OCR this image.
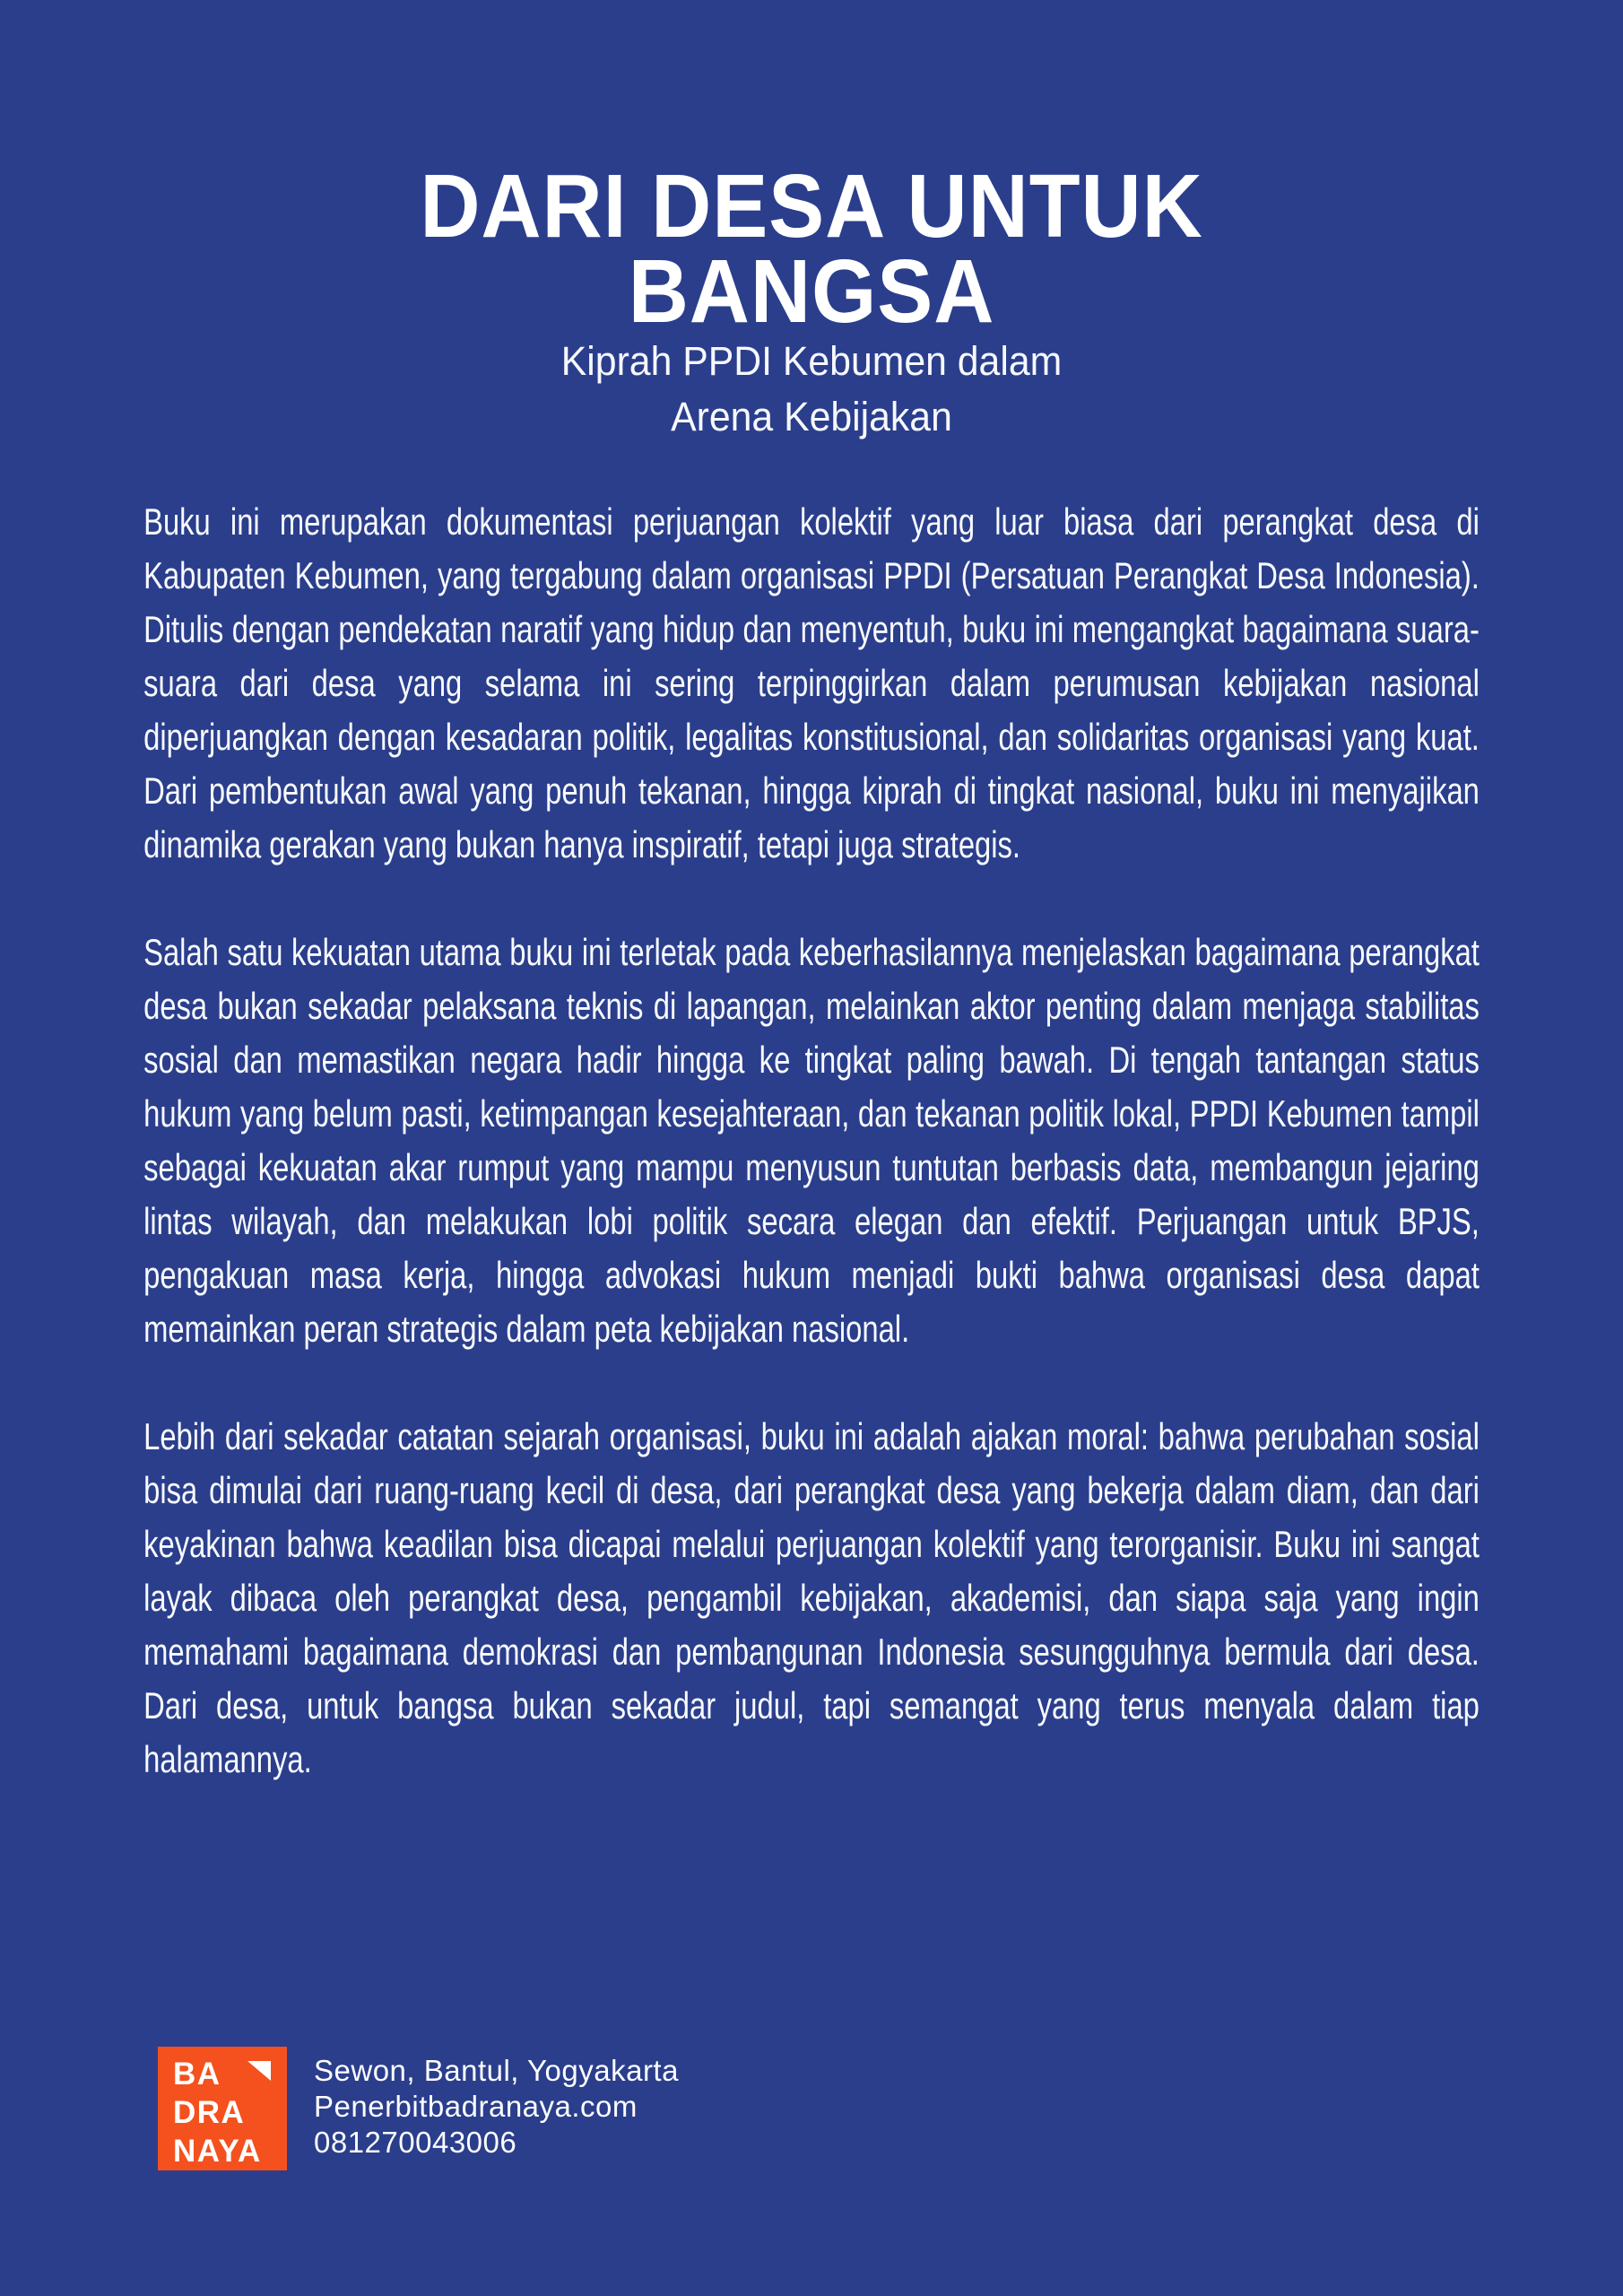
DARI DESA UNTUK
BANGSA
Kiprah PPDI Kebumen dalam
Arena Kebijakan

Buku ini merupakan dokumentasi perjuangan kolektif yang luar biasa dari perangkat desa di Kabupaten Kebumen, yang tergabung dalam organisasi PPDI (Persatuan Perangkat Desa Indonesia). Ditulis dengan pendekatan naratif yang hidup dan menyentuh, buku ini mengangkat bagaimana suara-suara dari desa yang selama ini sering terpinggirkan dalam perumusan kebijakan nasional diperjuangkan dengan kesadaran politik, legalitas konstitusional, dan solidaritas organisasi yang kuat. Dari pembentukan awal yang penuh tekanan, hingga kiprah di tingkat nasional, buku ini menyajikan dinamika gerakan yang bukan hanya inspiratif, tetapi juga strategis.

Salah satu kekuatan utama buku ini terletak pada keberhasilannya menjelaskan bagaimana perangkat desa bukan sekadar pelaksana teknis di lapangan, melainkan aktor penting dalam menjaga stabilitas sosial dan memastikan negara hadir hingga ke tingkat paling bawah. Di tengah tantangan status hukum yang belum pasti, ketimpangan kesejahteraan, dan tekanan politik lokal, PPDI Kebumen tampil sebagai kekuatan akar rumput yang mampu menyusun tuntutan berbasis data, membangun jejaring lintas wilayah, dan melakukan lobi politik secara elegan dan efektif. Perjuangan untuk BPJS, pengakuan masa kerja, hingga advokasi hukum menjadi bukti bahwa organisasi desa dapat memainkan peran strategis dalam peta kebijakan nasional.

Lebih dari sekadar catatan sejarah organisasi, buku ini adalah ajakan moral: bahwa perubahan sosial bisa dimulai dari ruang-ruang kecil di desa, dari perangkat desa yang bekerja dalam diam, dan dari keyakinan bahwa keadilan bisa dicapai melalui perjuangan kolektif yang terorganisir. Buku ini sangat layak dibaca oleh perangkat desa, pengambil kebijakan, akademisi, dan siapa saja yang ingin memahami bagaimana demokrasi dan pembangunan Indonesia sesungguhnya bermula dari desa. Dari desa, untuk bangsa bukan sekadar judul, tapi semangat yang terus menyala dalam tiap halamannya.

BA
DRA
NAYA
Sewon, Bantul, Yogyakarta
Penerbitbadranaya.com
081270043006
